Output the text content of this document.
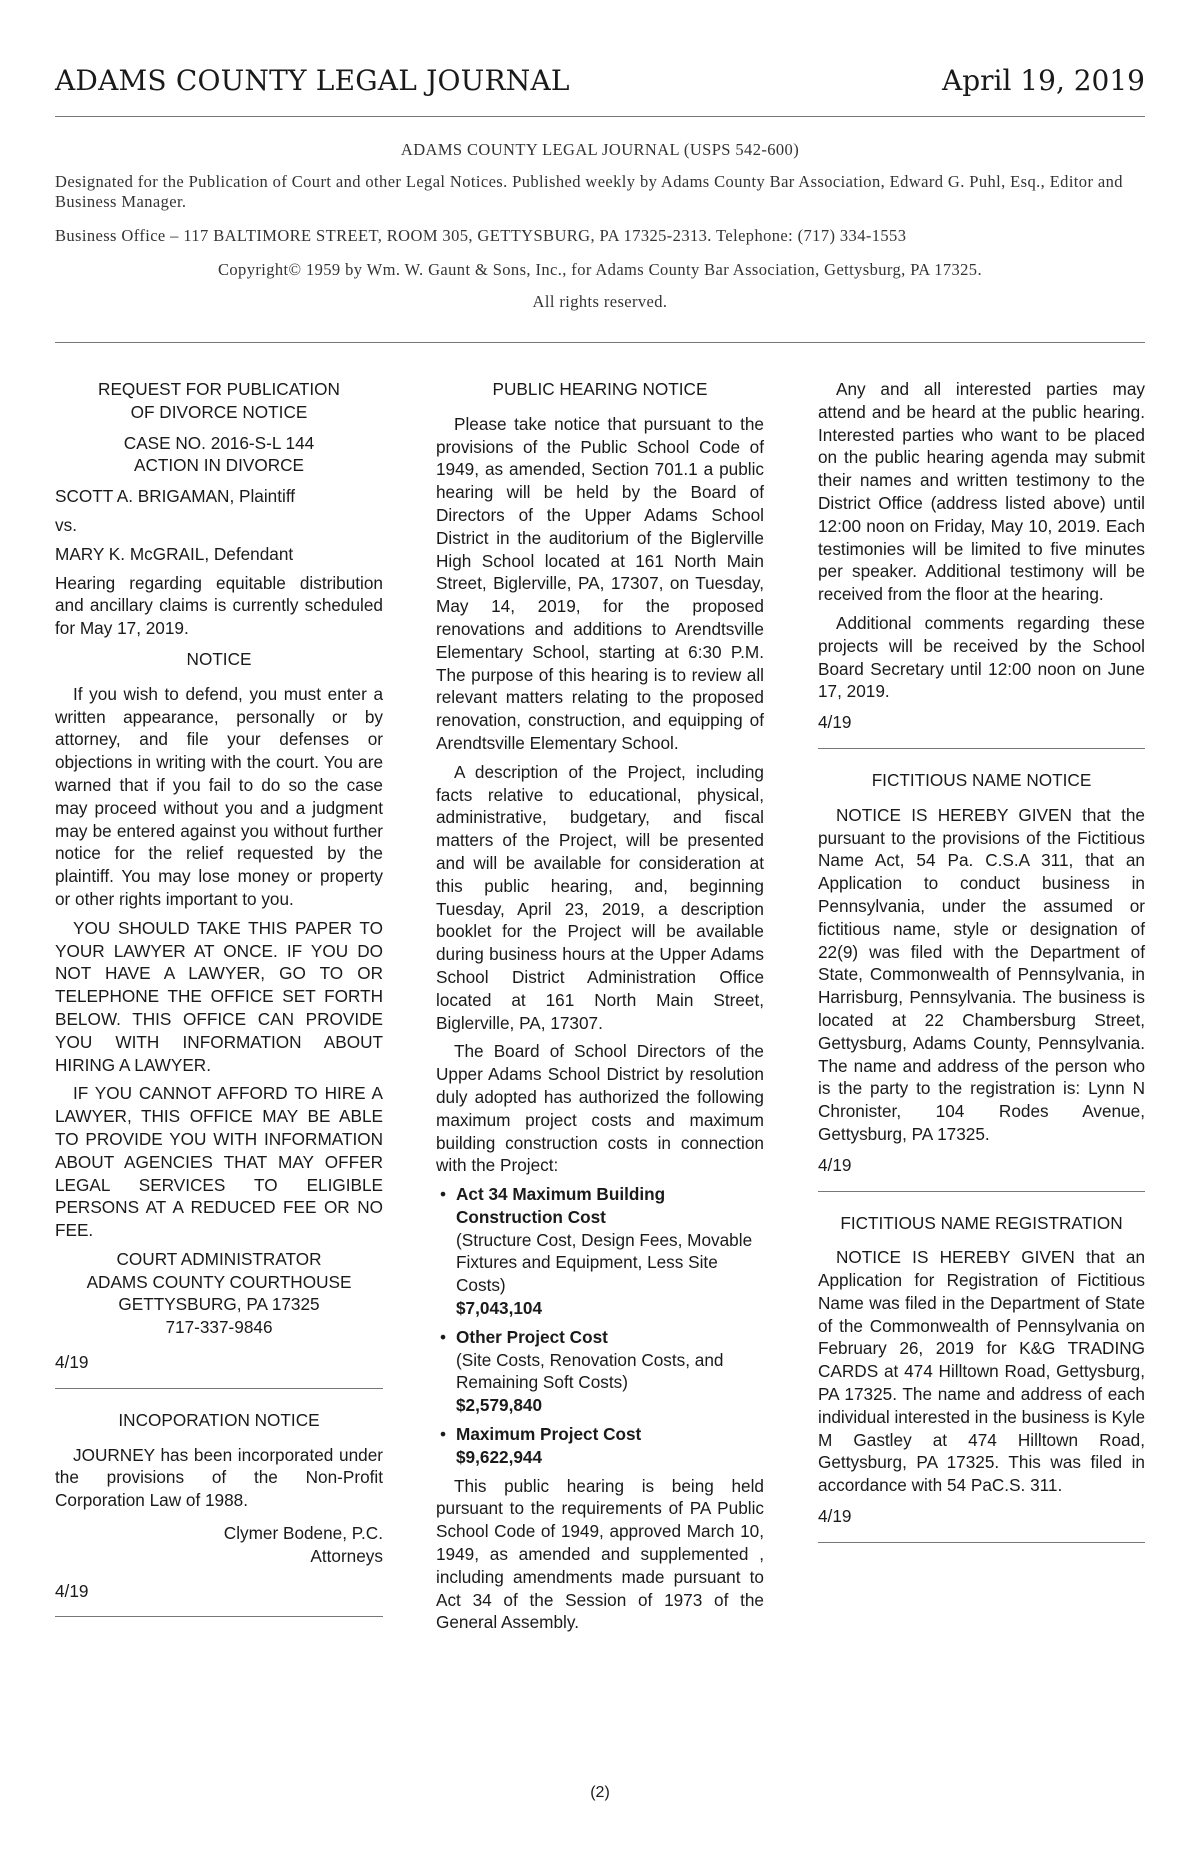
ADAMS COUNTY LEGAL JOURNAL	April 19, 2019
ADAMS COUNTY LEGAL JOURNAL (USPS 542-600)

Designated for the Publication of Court and other Legal Notices. Published weekly by Adams County Bar Association, Edward G. Puhl, Esq., Editor and Business Manager.

Business Office – 117 BALTIMORE STREET, ROOM 305, GETTYSBURG, PA 17325-2313. Telephone: (717) 334-1553

Copyright© 1959 by Wm. W. Gaunt & Sons, Inc., for Adams County Bar Association, Gettysburg, PA 17325.
All rights reserved.
REQUEST FOR PUBLICATION
OF DIVORCE NOTICE
CASE NO. 2016-S-L 144
ACTION IN DIVORCE
SCOTT A. BRIGAMAN, Plaintiff
vs.
MARY K. McGRAIL, Defendant

Hearing regarding equitable distribution and ancillary claims is currently scheduled for May 17, 2019.

NOTICE

If you wish to defend, you must enter a written appearance, personally or by attorney, and file your defenses or objections in writing with the court. You are warned that if you fail to do so the case may proceed without you and a judgment may be entered against you without further notice for the relief requested by the plaintiff. You may lose money or property or other rights important to you.

YOU SHOULD TAKE THIS PAPER TO YOUR LAWYER AT ONCE. IF YOU DO NOT HAVE A LAWYER, GO TO OR TELEPHONE THE OFFICE SET FORTH BELOW. THIS OFFICE CAN PROVIDE YOU WITH INFORMATION ABOUT HIRING A LAWYER.

IF YOU CANNOT AFFORD TO HIRE A LAWYER, THIS OFFICE MAY BE ABLE TO PROVIDE YOU WITH INFORMATION ABOUT AGENCIES THAT MAY OFFER LEGAL SERVICES TO ELIGIBLE PERSONS AT A REDUCED FEE OR NO FEE.

COURT ADMINISTRATOR
ADAMS COUNTY COURTHOUSE
GETTYSBURG, PA 17325
717-337-9846
4/19
INCOPORATION NOTICE

JOURNEY has been incorporated under the provisions of the Non-Profit Corporation Law of 1988.

Clymer Bodene, P.C.
Attorneys
4/19
PUBLIC HEARING NOTICE

Please take notice that pursuant to the provisions of the Public School Code of 1949, as amended, Section 701.1 a public hearing will be held by the Board of Directors of the Upper Adams School District in the auditorium of the Biglerville High School located at 161 North Main Street, Biglerville, PA, 17307, on Tuesday, May 14, 2019, for the proposed renovations and additions to Arendtsville Elementary School, starting at 6:30 P.M. The purpose of this hearing is to review all relevant matters relating to the proposed renovation, construction, and equipping of Arendtsville Elementary School.

A description of the Project, including facts relative to educational, physical, administrative, budgetary, and fiscal matters of the Project, will be presented and will be available for consideration at this public hearing, and, beginning Tuesday, April 23, 2019, a description booklet for the Project will be available during business hours at the Upper Adams School District Administration Office located at 161 North Main Street, Biglerville, PA, 17307.

The Board of School Directors of the Upper Adams School District by resolution duly adopted has authorized the following maximum project costs and maximum building construction costs in connection with the Project:

• Act 34 Maximum Building Construction Cost
(Structure Cost, Design Fees, Movable Fixtures and Equipment, Less Site Costs)
$7,043,104
• Other Project Cost
(Site Costs, Renovation Costs, and Remaining Soft Costs)
$2,579,840
• Maximum Project Cost
$9,622,944

This public hearing is being held pursuant to the requirements of PA Public School Code of 1949, approved March 10, 1949, as amended and supplemented , including amendments made pursuant to Act 34 of the Session of 1973 of the General Assembly.

Any and all interested parties may attend and be heard at the public hearing. Interested parties who want to be placed on the public hearing agenda may submit their names and written testimony to the District Office (address listed above) until 12:00 noon on Friday, May 10, 2019. Each testimonies will be limited to five minutes per speaker. Additional testimony will be received from the floor at the hearing.

Additional comments regarding these projects will be received by the School Board Secretary until 12:00 noon on June 17, 2019.

4/19
FICTITIOUS NAME NOTICE

NOTICE IS HEREBY GIVEN that the pursuant to the provisions of the Fictitious Name Act, 54 Pa. C.S.A 311, that an Application to conduct business in Pennsylvania, under the assumed or fictitious name, style or designation of 22(9) was filed with the Department of State, Commonwealth of Pennsylvania, in Harrisburg, Pennsylvania. The business is located at 22 Chambersburg Street, Gettysburg, Adams County, Pennsylvania. The name and address of the person who is the party to the registration is: Lynn N Chronister, 104 Rodes Avenue, Gettysburg, PA 17325.

4/19
FICTITIOUS NAME REGISTRATION

NOTICE IS HEREBY GIVEN that an Application for Registration of Fictitious Name was filed in the Department of State of the Commonwealth of Pennsylvania on February 26, 2019 for K&G TRADING CARDS at 474 Hilltown Road, Gettysburg, PA 17325. The name and address of each individual interested in the business is Kyle M Gastley at 474 Hilltown Road, Gettysburg, PA 17325. This was filed in accordance with 54 PaC.S. 311.

4/19
(2)
